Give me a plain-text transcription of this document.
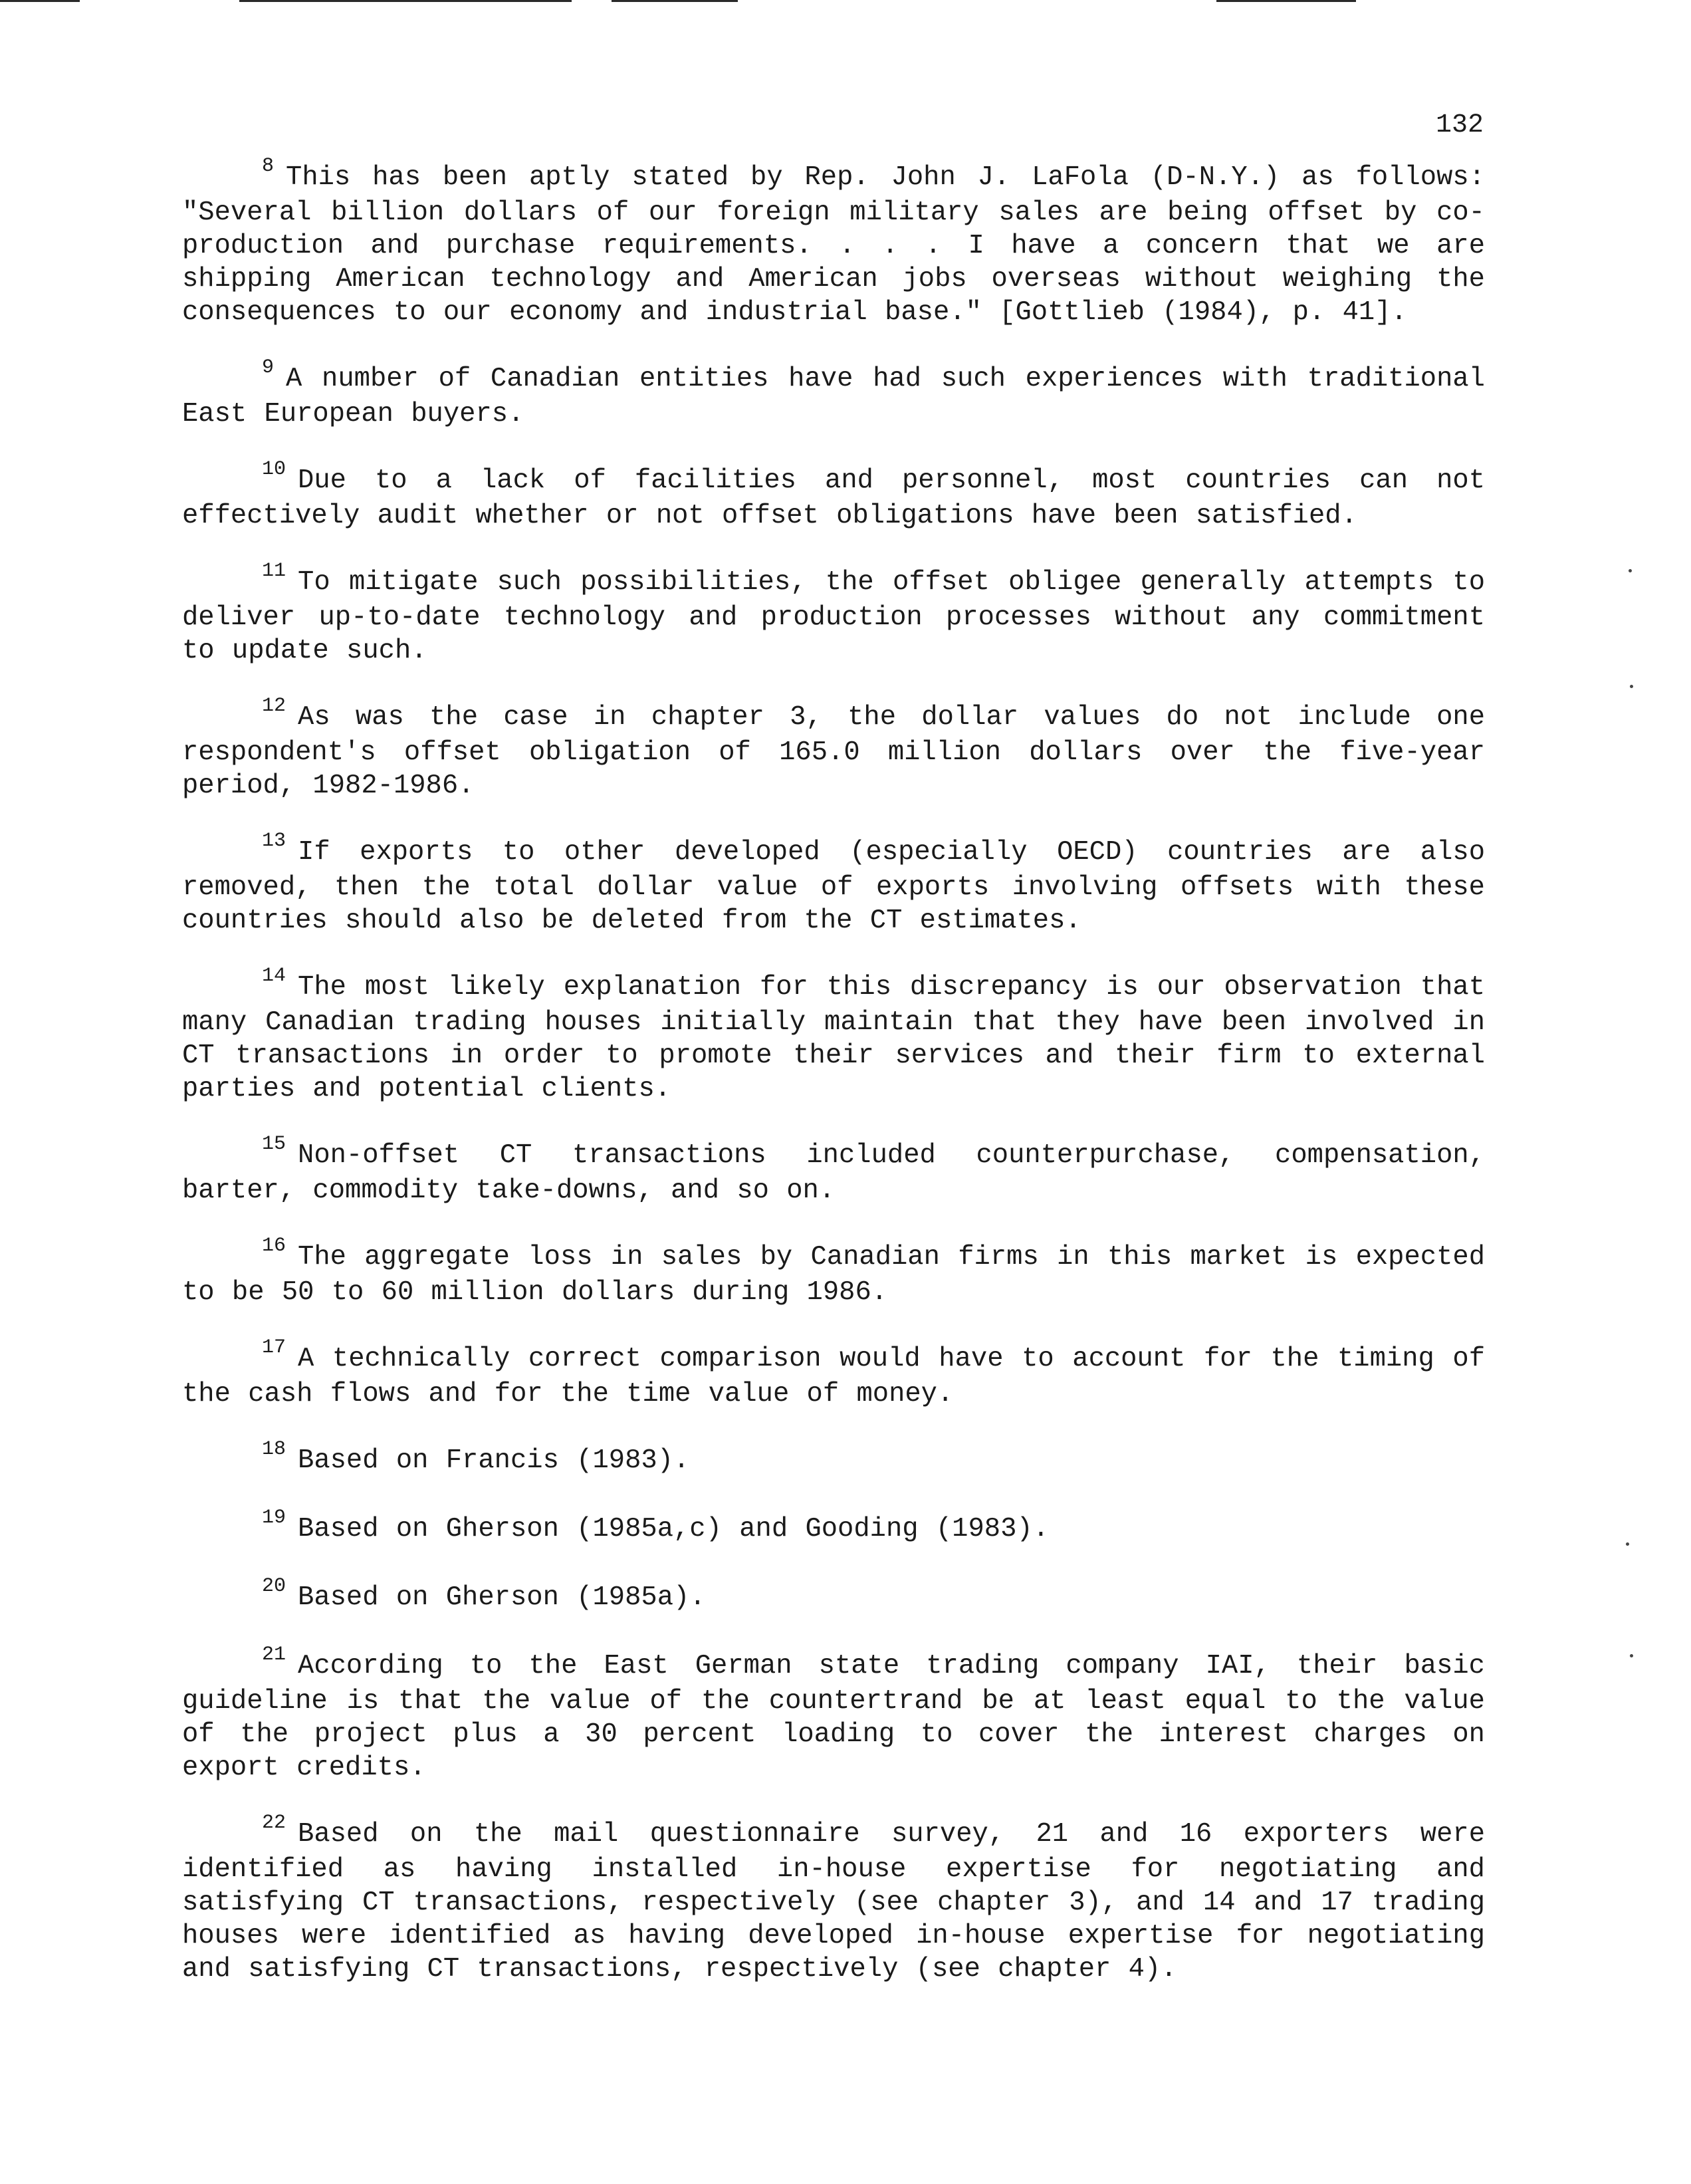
132

$^8$ This has been aptly stated by Rep. John J. LaFola (D-N.Y.) as follows: "Several billion dollars of our foreign military sales are being offset by co-production and purchase requirements. . . . I have a concern that we are shipping American technology and American jobs overseas without weighing the consequences to our economy and industrial base." [Gottlieb (1984), p. 41].

$^9$ A number of Canadian entities have had such experiences with traditional East European buyers.

$^{10}$ Due to a lack of facilities and personnel, most countries can not effectively audit whether or not offset obligations have been satisfied.

$^{11}$ To mitigate such possibilities, the offset obligee generally attempts to deliver up-to-date technology and production processes without any commitment to update such.

$^{12}$ As was the case in chapter 3, the dollar values do not include one respondent's offset obligation of 165.0 million dollars over the five-year period, 1982-1986.

$^{13}$ If exports to other developed (especially OECD) countries are also removed, then the total dollar value of exports involving offsets with these countries should also be deleted from the CT estimates.

$^{14}$ The most likely explanation for this discrepancy is our observation that many Canadian trading houses initially maintain that they have been involved in CT transactions in order to promote their services and their firm to external parties and potential clients.

$^{15}$ Non-offset CT transactions included counterpurchase, compensation, barter, commodity take-downs, and so on.

$^{16}$ The aggregate loss in sales by Canadian firms in this market is expected to be 50 to 60 million dollars during 1986.

$^{17}$ A technically correct comparison would have to account for the timing of the cash flows and for the time value of money.

$^{18}$ Based on Francis (1983).

$^{19}$ Based on Gherson (1985a,c) and Gooding (1983).

$^{20}$ Based on Gherson (1985a).

$^{21}$ According to the East German state trading company IAI, their basic guideline is that the value of the countertrand be at least equal to the value of the project plus a 30 percent loading to cover the interest charges on export credits.

$^{22}$ Based on the mail questionnaire survey, 21 and 16 exporters were identified as having installed in-house expertise for negotiating and satisfying CT transactions, respectively (see chapter 3), and 14 and 17 trading houses were identified as having developed in-house expertise for negotiating and satisfying CT transactions, respectively (see chapter 4).
